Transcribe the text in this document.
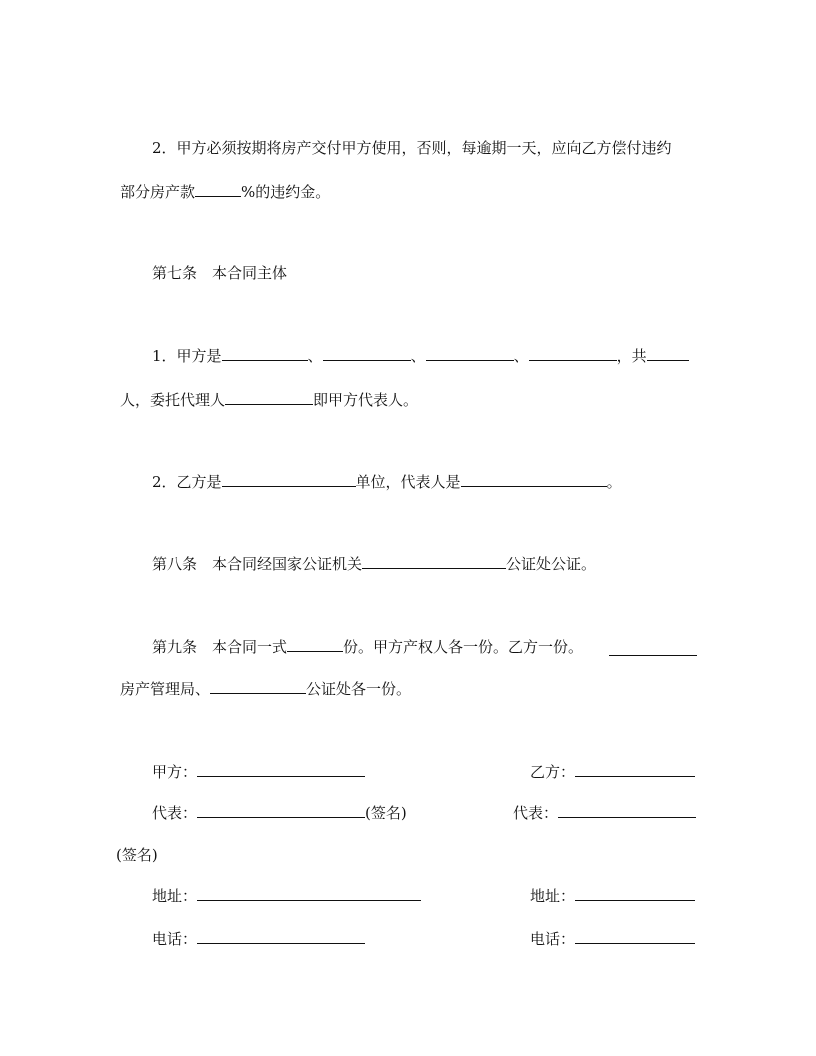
2．甲方必须按期将房产交付甲方使用，否则，每逾期一天，应向乙方偿付违约
部分房产款	%的违约金。
第七条　本合同主体
1．甲方是	、	、	、	，共
人，委托代理人	即甲方代表人。
2．乙方是	单位，代表人是	。
第八条　本合同经国家公证机关	公证处公证。
第九条　本合同一式	份。甲方产权人各一份。乙方一份。
房产管理局、	公证处各一份。
甲方：	乙方：
代表：	(签名)	代表：
(签名)
地址：	地址：
电话：	电话：
